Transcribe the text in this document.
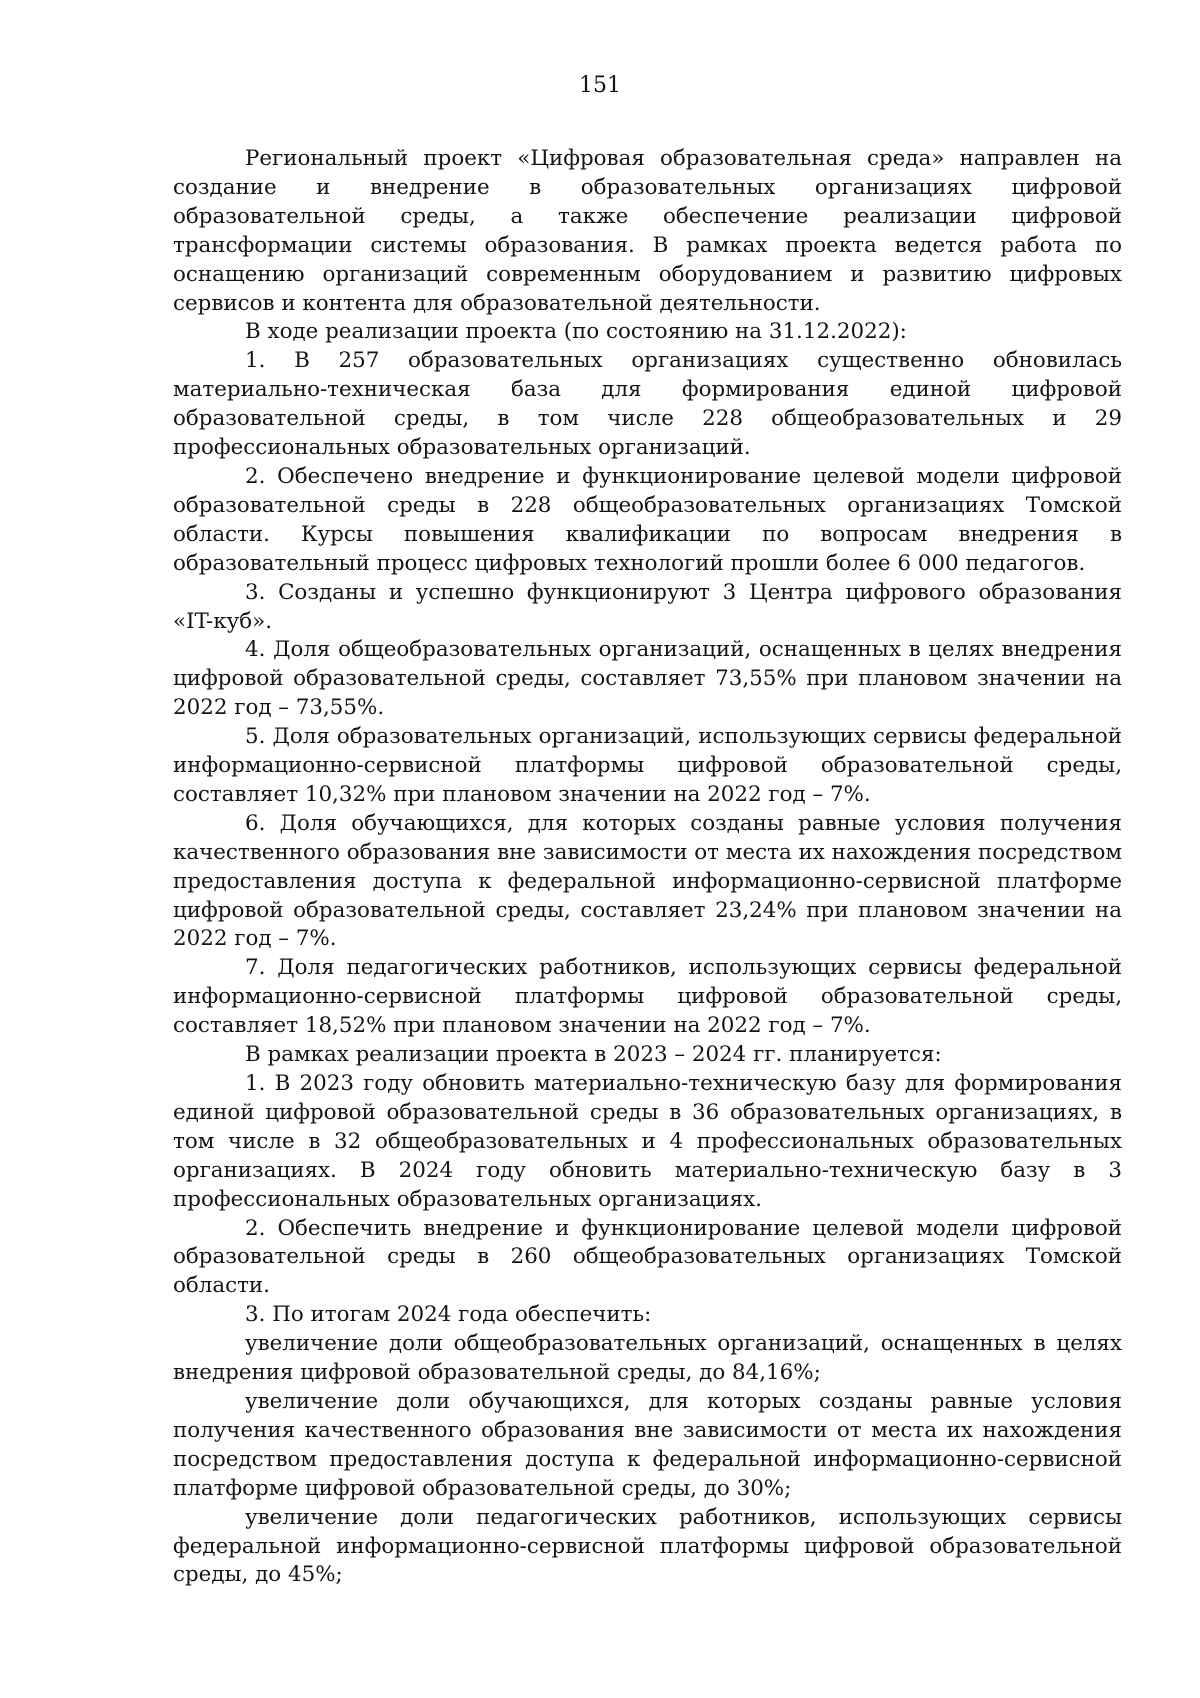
151

Региональный проект «Цифровая образовательная среда» направлен на создание и внедрение в образовательных организациях цифровой образовательной среды, а также обеспечение реализации цифровой трансформации системы образования. В рамках проекта ведется работа по оснащению организаций современным оборудованием и развитию цифровых сервисов и контента для образовательной деятельности.

В ходе реализации проекта (по состоянию на 31.12.2022):

1. В 257 образовательных организациях существенно обновилась материально-техническая база для формирования единой цифровой образовательной среды, в том числе 228 общеобразовательных и 29 профессиональных образовательных организаций.

2. Обеспечено внедрение и функционирование целевой модели цифровой образовательной среды в 228 общеобразовательных организациях Томской области. Курсы повышения квалификации по вопросам внедрения в образовательный процесс цифровых технологий прошли более 6 000 педагогов.

3. Созданы и успешно функционируют 3 Центра цифрового образования «IT-куб».

4. Доля общеобразовательных организаций, оснащенных в целях внедрения цифровой образовательной среды, составляет 73,55% при плановом значении на 2022 год – 73,55%.

5. Доля образовательных организаций, использующих сервисы федеральной информационно-сервисной платформы цифровой образовательной среды, составляет 10,32% при плановом значении на 2022 год – 7%.

6. Доля обучающихся, для которых созданы равные условия получения качественного образования вне зависимости от места их нахождения посредством предоставления доступа к федеральной информационно-сервисной платформе цифровой образовательной среды, составляет 23,24% при плановом значении на 2022 год – 7%.

7. Доля педагогических работников, использующих сервисы федеральной информационно-сервисной платформы цифровой образовательной среды, составляет 18,52% при плановом значении на 2022 год – 7%.

В рамках реализации проекта в 2023 – 2024 гг. планируется:

1. В 2023 году обновить материально-техническую базу для формирования единой цифровой образовательной среды в 36 образовательных организациях, в том числе в 32 общеобразовательных и 4 профессиональных образовательных организациях. В 2024 году обновить материально-техническую базу в 3 профессиональных образовательных организациях.

2. Обеспечить внедрение и функционирование целевой модели цифровой образовательной среды в 260 общеобразовательных организациях Томской области.

3. По итогам 2024 года обеспечить:

увеличение доли общеобразовательных организаций, оснащенных в целях внедрения цифровой образовательной среды, до 84,16%;

увеличение доли обучающихся, для которых созданы равные условия получения качественного образования вне зависимости от места их нахождения посредством предоставления доступа к федеральной информационно-сервисной платформе цифровой образовательной среды, до 30%;

увеличение доли педагогических работников, использующих сервисы федеральной информационно-сервисной платформы цифровой образовательной среды, до 45%;
